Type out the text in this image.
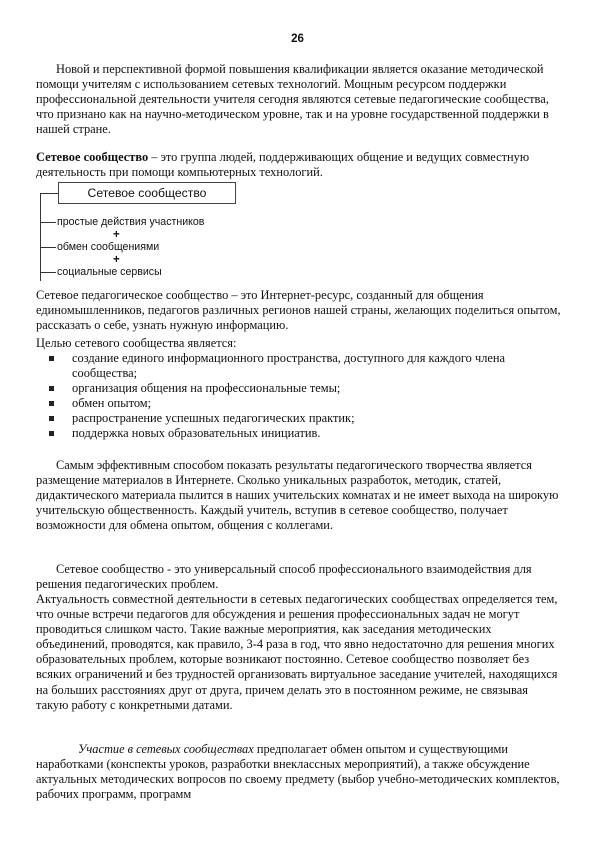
26

Новой и перспективной формой повышения квалификации является оказание методической помощи учителям с использованием сетевых технологий. Мощным ресурсом поддержки профессиональной деятельности учителя сегодня являются сетевые педагогические сообщества, что признано как на научно-методическом уровне, так и на уровне государственной поддержки в нашей стране.

Сетевое сообщество – это группа людей, поддерживающих общение и ведущих совместную деятельность при помощи компьютерных технологий.

Сетевое сообщество
простые действия участников
+
обмен сообщениями
+
социальные сервисы

Сетевое педагогическое сообщество – это Интернет-ресурс, созданный для общения единомышленников, педагогов различных регионов нашей страны, желающих поделиться опытом, рассказать о себе, узнать нужную информацию.

Целью сетевого сообщества является:

создание единого информационного пространства, доступного для каждого члена сообщества;
организация общения на профессиональные темы;
обмен опытом;
распространение успешных педагогических практик;
поддержка новых образовательных инициатив.

Самым эффективным способом показать результаты педагогического творчества является размещение материалов в Интернете. Сколько уникальных разработок, методик, статей, дидактического материала пылится в наших учительских комнатах и не имеет выхода на широкую учительскую общественность. Каждый учитель, вступив в сетевое сообщество, получает возможности для обмена опытом, общения с коллегами.

Сетевое сообщество - это универсальный способ профессионального взаимодействия для решения педагогических проблем.

Актуальность совместной деятельности в сетевых педагогических сообществах определяется тем, что очные встречи педагогов для обсуждения и решения профессиональных задач не могут проводиться слишком часто. Такие важные мероприятия, как заседания методических объединений, проводятся, как правило, 3-4 раза в год, что явно недостаточно для решения многих образовательных проблем, которые возникают постоянно. Сетевое сообщество позволяет без всяких ограничений и без трудностей организовать виртуальное заседание учителей, находящихся на больших расстояниях друг от друга, причем делать это в постоянном режиме, не связывая такую работу с конкретными датами.

Участие в сетевых сообществах предполагает обмен опытом и существующими наработками (конспекты уроков, разработки внеклассных мероприятий), а также обсуждение актуальных методических вопросов по своему предмету (выбор учебно-методических комплектов, рабочих программ, программ
